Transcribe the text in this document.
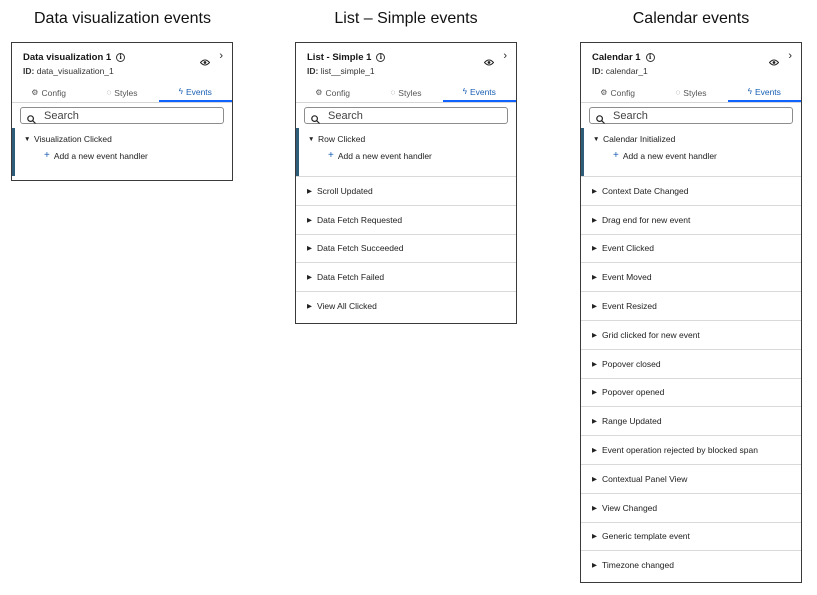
Data visualization events	List – Simple events	Calendar events
Data visualization 1	i
ID: data_visualization_1
›
⚙ Config	◌ Styles	ϟ Events
Search
▼ Visualization Clicked
+ Add a new event handler
List - Simple 1	i
ID: list__simple_1
›
⚙ Config	◌ Styles	ϟ Events
Search
▼ Row Clicked
+ Add a new event handler
▶ Scroll Updated
▶ Data Fetch Requested
▶ Data Fetch Succeeded
▶ Data Fetch Failed
▶ View All Clicked
Calendar 1	i
ID: calendar_1
›
⚙ Config	◌ Styles	ϟ Events
Search
▼ Calendar Initialized
+ Add a new event handler
▶ Context Date Changed
▶ Drag end for new event
▶ Event Clicked
▶ Event Moved
▶ Event Resized
▶ Grid clicked for new event
▶ Popover closed
▶ Popover opened
▶ Range Updated
▶ Event operation rejected by blocked span
▶ Contextual Panel View
▶ View Changed
▶ Generic template event
▶ Timezone changed
